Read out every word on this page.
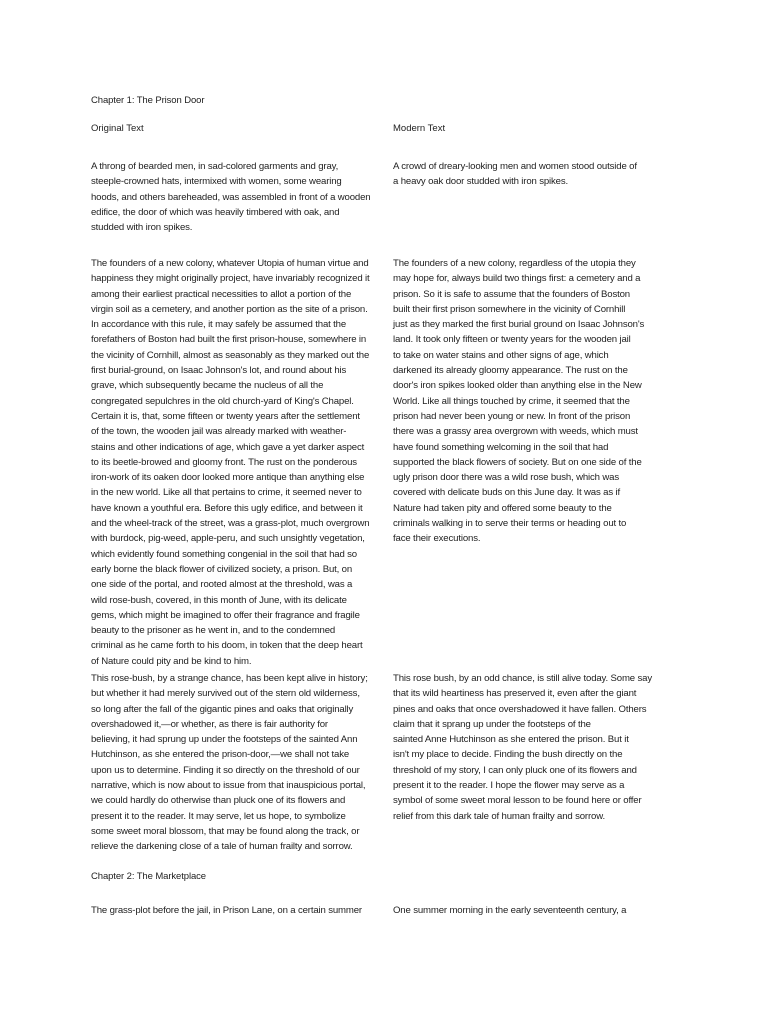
Chapter 1: The Prison Door
Original Text	Modern Text
A throng of bearded men, in sad-colored garments and gray,
steeple-crowned hats, intermixed with women, some wearing
hoods, and others bareheaded, was assembled in front of a wooden
edifice, the door of which was heavily timbered with oak, and
studded with iron spikes.
The founders of a new colony, whatever Utopia of human virtue and
happiness they might originally project, have invariably recognized it
among their earliest practical necessities to allot a portion of the
virgin soil as a cemetery, and another portion as the site of a prison.
In accordance with this rule, it may safely be assumed that the
forefathers of Boston had built the first prison-house, somewhere in
the vicinity of Cornhill, almost as seasonably as they marked out the
first burial-ground, on Isaac Johnson's lot, and round about his
grave, which subsequently became the nucleus of all the
congregated sepulchres in the old church-yard of King's Chapel.
Certain it is, that, some fifteen or twenty years after the settlement
of the town, the wooden jail was already marked with weather-
stains and other indications of age, which gave a yet darker aspect
to its beetle-browed and gloomy front. The rust on the ponderous
iron-work of its oaken door looked more antique than anything else
in the new world. Like all that pertains to crime, it seemed never to
have known a youthful era. Before this ugly edifice, and between it
and the wheel-track of the street, was a grass-plot, much overgrown
with burdock, pig-weed, apple-peru, and such unsightly vegetation,
which evidently found something congenial in the soil that had so
early borne the black flower of civilized society, a prison. But, on
one side of the portal, and rooted almost at the threshold, was a
wild rose-bush, covered, in this month of June, with its delicate
gems, which might be imagined to offer their fragrance and fragile
beauty to the prisoner as he went in, and to the condemned
criminal as he came forth to his doom, in token that the deep heart
of Nature could pity and be kind to him.
This rose-bush, by a strange chance, has been kept alive in history;
but whether it had merely survived out of the stern old wilderness,
so long after the fall of the gigantic pines and oaks that originally
overshadowed it,—or whether, as there is fair authority for
believing, it had sprung up under the footsteps of the sainted Ann
Hutchinson, as she entered the prison-door,—we shall not take
upon us to determine. Finding it so directly on the threshold of our
narrative, which is now about to issue from that inauspicious portal,
we could hardly do otherwise than pluck one of its flowers and
present it to the reader. It may serve, let us hope, to symbolize
some sweet moral blossom, that may be found along the track, or
relieve the darkening close of a tale of human frailty and sorrow.
A crowd of dreary-looking men and women stood outside of
a heavy oak door studded with iron spikes.
The founders of a new colony, regardless of the utopia they
may hope for, always build two things first: a cemetery and a
prison. So it is safe to assume that the founders of Boston
built their first prison somewhere in the vicinity of Cornhill
just as they marked the first burial ground on Isaac Johnson's
land. It took only fifteen or twenty years for the wooden jail
to take on water stains and other signs of age, which
darkened its already gloomy appearance. The rust on the
door's iron spikes looked older than anything else in the New
World. Like all things touched by crime, it seemed that the
prison had never been young or new. In front of the prison
there was a grassy area overgrown with weeds, which must
have found something welcoming in the soil that had
supported the black flowers of society. But on one side of the
ugly prison door there was a wild rose bush, which was
covered with delicate buds on this June day. It was as if
Nature had taken pity and offered some beauty to the
criminals walking in to serve their terms or heading out to
face their executions.
This rose bush, by an odd chance, is still alive today. Some say
that its wild heartiness has preserved it, even after the giant
pines and oaks that once overshadowed it have fallen. Others
claim that it sprang up under the footsteps of the
sainted Anne Hutchinson as she entered the prison. But it
isn't my place to decide. Finding the bush directly on the
threshold of my story, I can only pluck one of its flowers and
present it to the reader. I hope the flower may serve as a
symbol of some sweet moral lesson to be found here or offer
relief from this dark tale of human frailty and sorrow.
Chapter 2: The Marketplace
The grass-plot before the jail, in Prison Lane, on a certain summer	One summer morning in the early seventeenth century, a
